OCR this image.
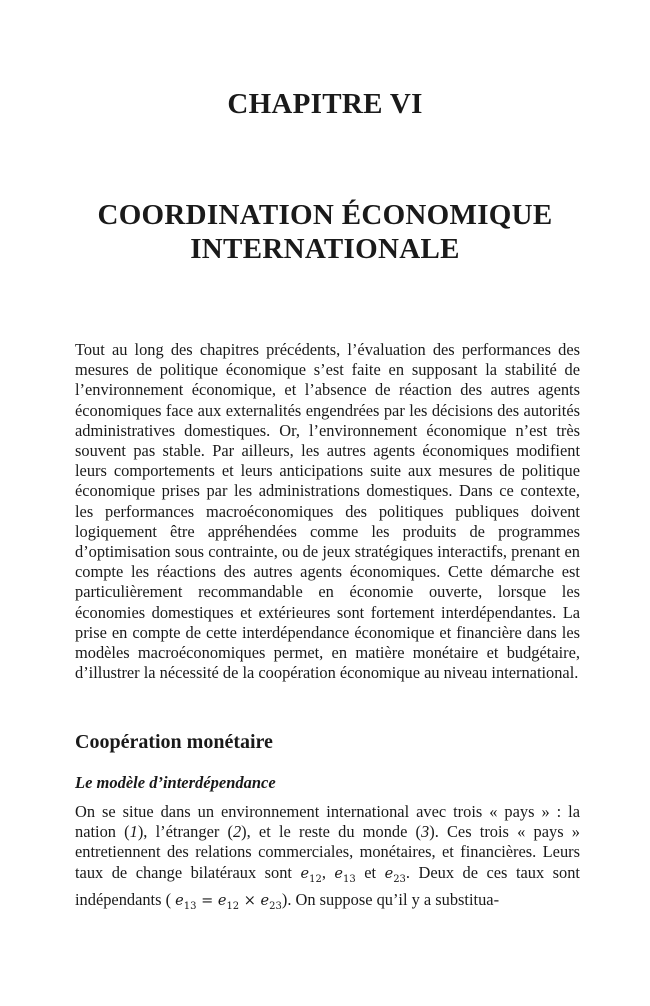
CHAPITRE VI
COORDINATION ÉCONOMIQUE
INTERNATIONALE
Tout au long des chapitres précédents, l’évaluation des performances des mesures de politique économique s’est faite en supposant la stabilité de l’environnement économique, et l’absence de réaction des autres agents économiques face aux externalités engendrées par les décisions des autorités administratives domestiques. Or, l’environnement économique n’est très souvent pas stable. Par ailleurs, les autres agents économiques modifient leurs comportements et leurs anticipations suite aux mesures de politique économique prises par les administrations domestiques. Dans ce contexte, les performances macroéconomiques des politiques publiques doivent logiquement être appréhendées comme les produits de programmes d’optimisation sous contrainte, ou de jeux stratégiques interactifs, prenant en compte les réactions des autres agents économiques. Cette démarche est particulièrement recommandable en économie ouverte, lorsque les économies domestiques et extérieures sont fortement interdépendantes. La prise en compte de cette interdépendance économique et financière dans les modèles macroéconomiques permet, en matière monétaire et budgétaire, d’illustrer la nécessité de la coopération économique au niveau international.
Coopération monétaire
Le modèle d’interdépendance
On se situe dans un environnement international avec trois « pays » : la nation (1), l’étranger (2), et le reste du monde (3). Ces trois « pays » entretiennent des relations commerciales, monétaires, et financières. Leurs taux de change bilatéraux sont $e_{12}$, $e_{13}$ et $e_{23}$. Deux de ces taux sont indépendants ( $e_{13} = e_{12} \times e_{23}$). On suppose qu’il y a substitua-
